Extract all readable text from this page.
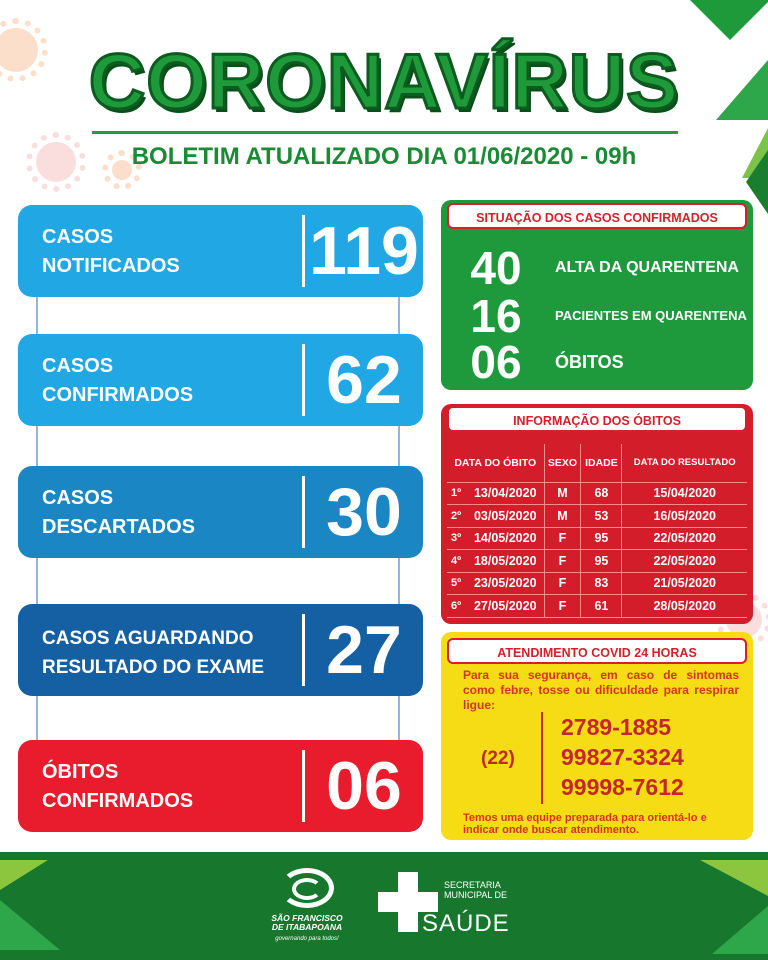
CORONAVÍRUS
BOLETIM ATUALIZADO DIA 01/06/2020 - 09h
CASOS
NOTIFICADOS	119
CASOS
CONFIRMADOS	62
CASOS
DESCARTADOS	30
CASOS AGUARDANDO
RESULTADO DO EXAME 27
ÓBITOS
CONFIRMADOS	06
SITUAÇÃO DOS CASOS CONFIRMADOS
40	ALTA DA QUARENTENA
16	PACIENTES EM QUARENTENA
06	ÓBITOS
INFORMAÇÃO DOS ÓBITOS
DATA DO ÓBITO		SEXO	IDADE	DATA DO RESULTADO
1º	13/04/2020	M	68	15/04/2020
2º	03/05/2020	M	53	16/05/2020
3º	14/05/2020	F	95	22/05/2020
4º	18/05/2020	F	95	22/05/2020
5º	23/05/2020	F	83	21/05/2020
6º	27/05/2020	F	61	28/05/2020
ATENDIMENTO COVID 24 HORAS
Para sua segurança, em caso de sintomas como febre, tosse ou dificuldade para respirar ligue:
(22)
2789-1885
99827-3324
99998-7612
Temos uma equipe preparada para orientá-lo e indicar onde buscar atendimento.
SÃO FRANCISCO
DE ITABAPOANA
governando para todos!
SECRETARIA
MUNICIPAL DE
SAÚDE
